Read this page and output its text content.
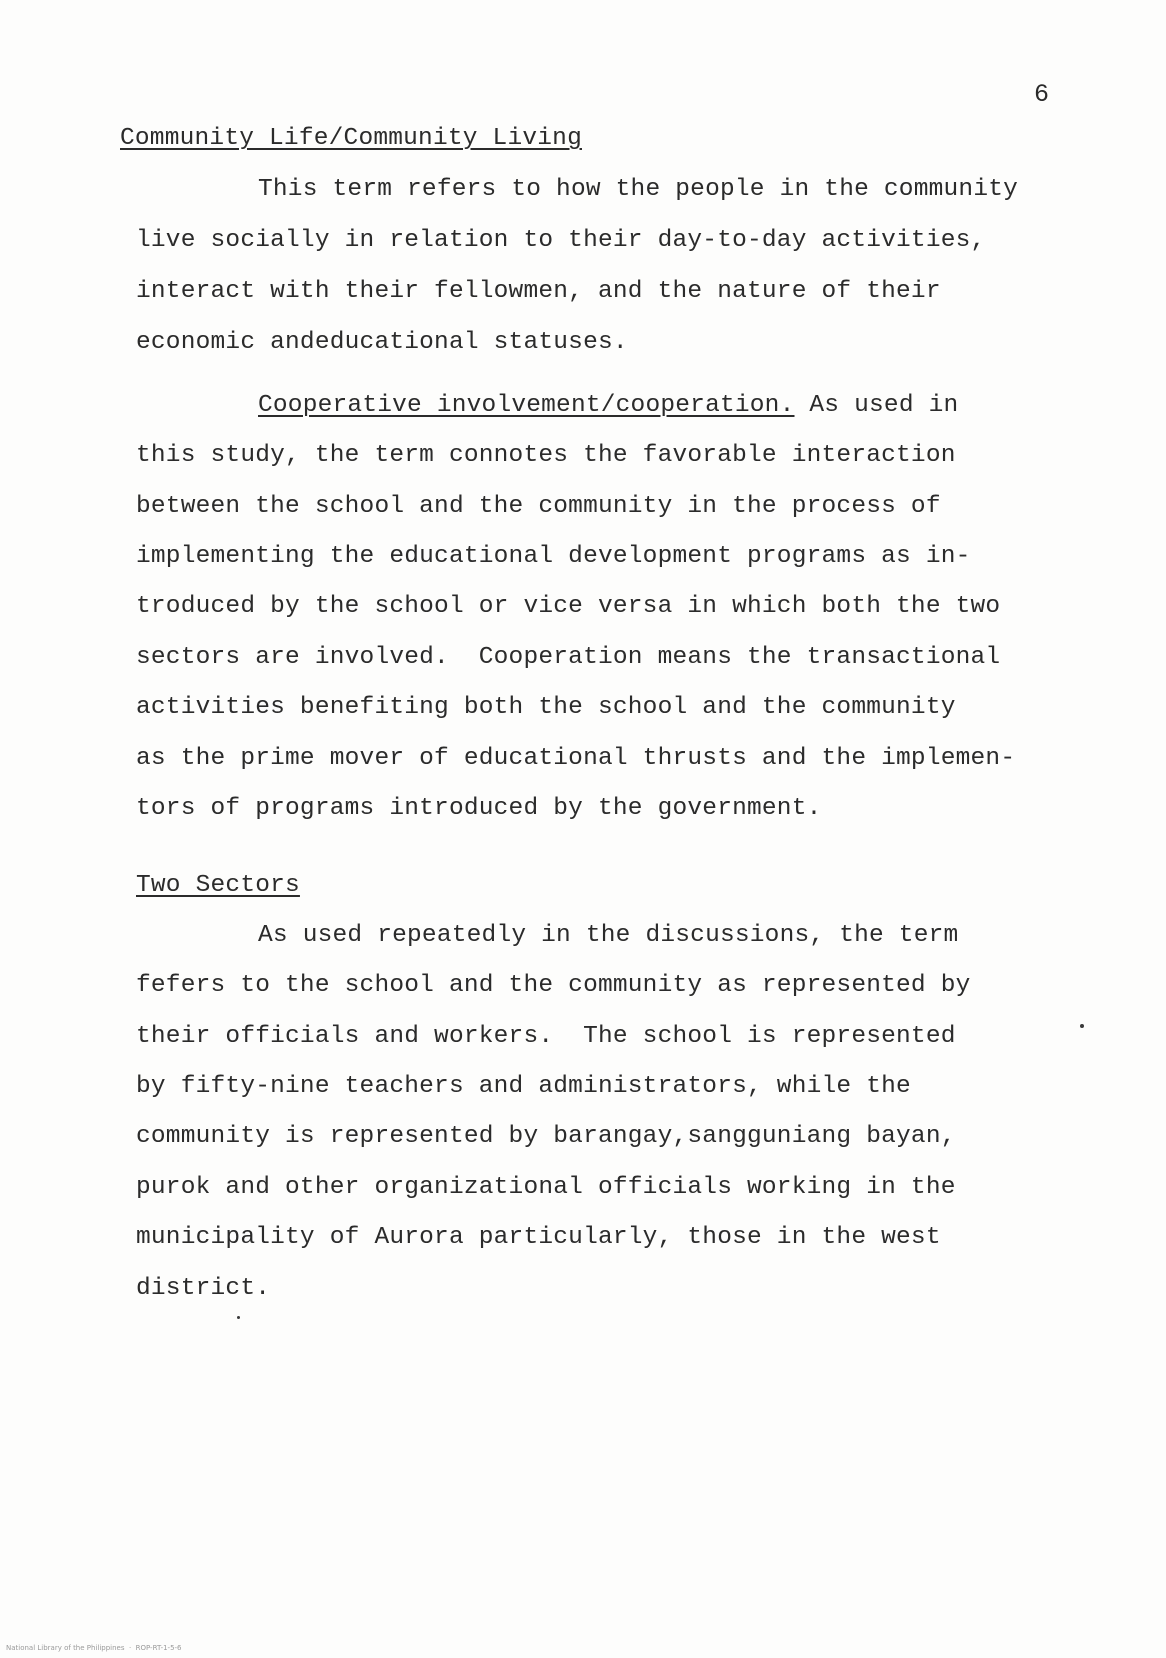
6
Community Life/Community Living
This term refers to how the people in the community
live socially in relation to their day-to-day activities,
interact with their fellowmen, and the nature of their
economic andeducational statuses.
Cooperative involvement/cooperation. As used in
this study, the term connotes the favorable interaction
between the school and the community in the process of
implementing the educational development programs as in-
troduced by the school or vice versa in which both the two
sectors are involved.  Cooperation means the transactional
activities benefiting both the school and the community
as the prime mover of educational thrusts and the implemen-
tors of programs introduced by the government.
Two Sectors
As used repeatedly in the discussions, the term
fefers to the school and the community as represented by
their officials and workers.  The school is represented
by fifty-nine teachers and administrators, while the
community is represented by barangay,sangguniang bayan,
purok and other organizational officials working in the
municipality of Aurora particularly, those in the west
district.
National Library of the Philippines  ·  ROP-RT-1-5-6
